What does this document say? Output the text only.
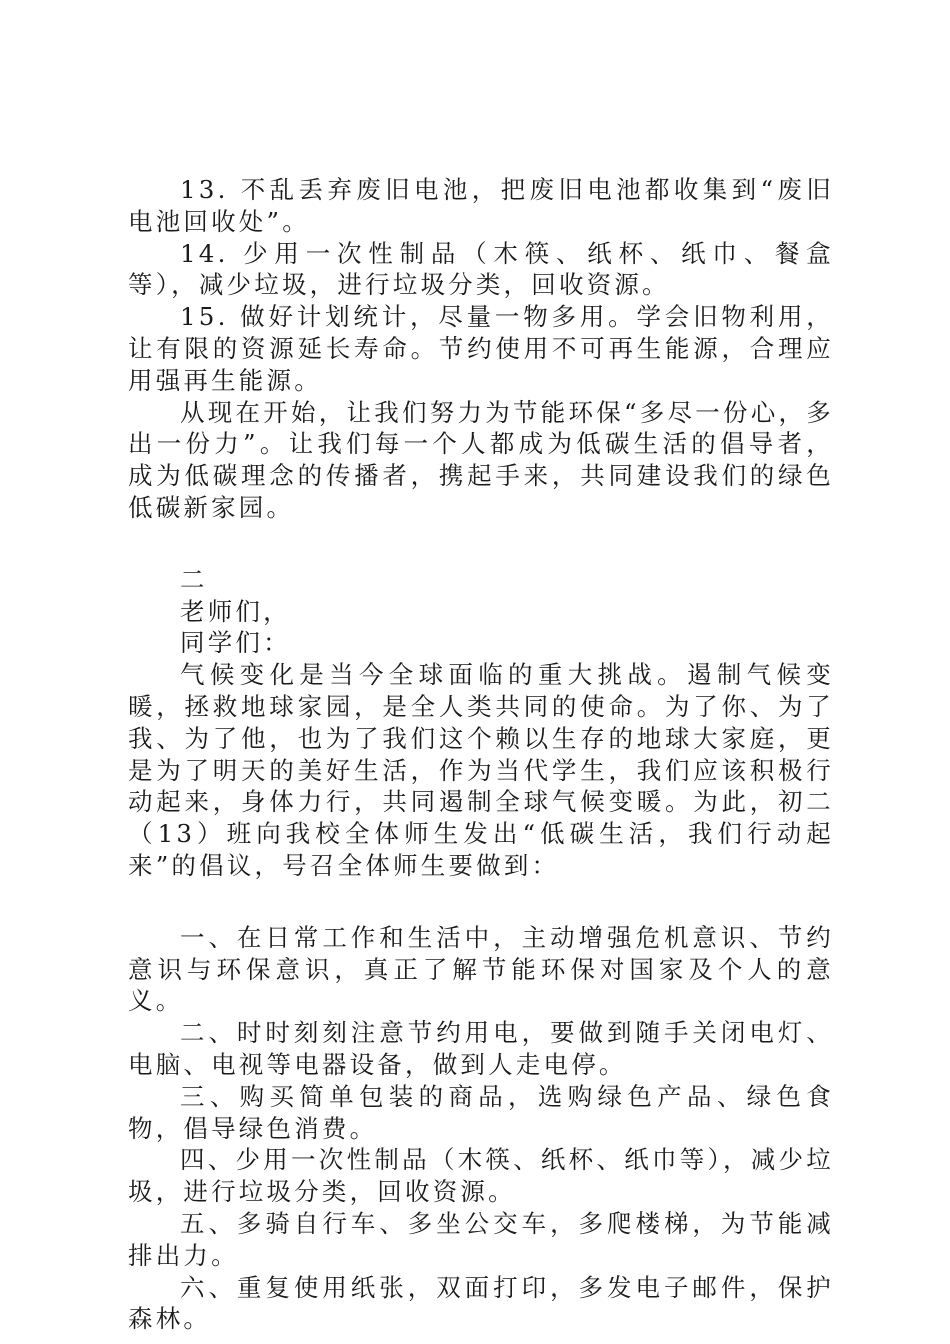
13. 不乱丢弃废旧电池，把废旧电池都收集到“废旧电池回收处”。

14. 少用一次性制品（木筷、纸杯、纸巾、餐盒等），减少垃圾，进行垃圾分类，回收资源。

15. 做好计划统计，尽量一物多用。学会旧物利用，让有限的资源延长寿命。节约使用不可再生能源，合理应用强再生能源。

从现在开始，让我们努力为节能环保“多尽一份心，多出一份力”。让我们每一个人都成为低碳生活的倡导者，成为低碳理念的传播者，携起手来，共同建设我们的绿色低碳新家园。

二

老师们，

同学们：

气候变化是当今全球面临的重大挑战。遏制气候变暖，拯救地球家园，是全人类共同的使命。为了你、为了我、为了他，也为了我们这个赖以生存的地球大家庭，更是为了明天的美好生活，作为当代学生，我们应该积极行动起来，身体力行，共同遏制全球气候变暖。为此，初二（13）班向我校全体师生发出“低碳生活，我们行动起来”的倡议，号召全体师生要做到：

一、在日常工作和生活中，主动增强危机意识、节约意识与环保意识，真正了解节能环保对国家及个人的意义。

二、时时刻刻注意节约用电，要做到随手关闭电灯、电脑、电视等电器设备，做到人走电停。

三、购买简单包装的商品，选购绿色产品、绿色食物，倡导绿色消费。

四、少用一次性制品（木筷、纸杯、纸巾等），减少垃圾，进行垃圾分类，回收资源。

五、多骑自行车、多坐公交车，多爬楼梯，为节能减排出力。

六、重复使用纸张，双面打印，多发电子邮件，保护森林。
